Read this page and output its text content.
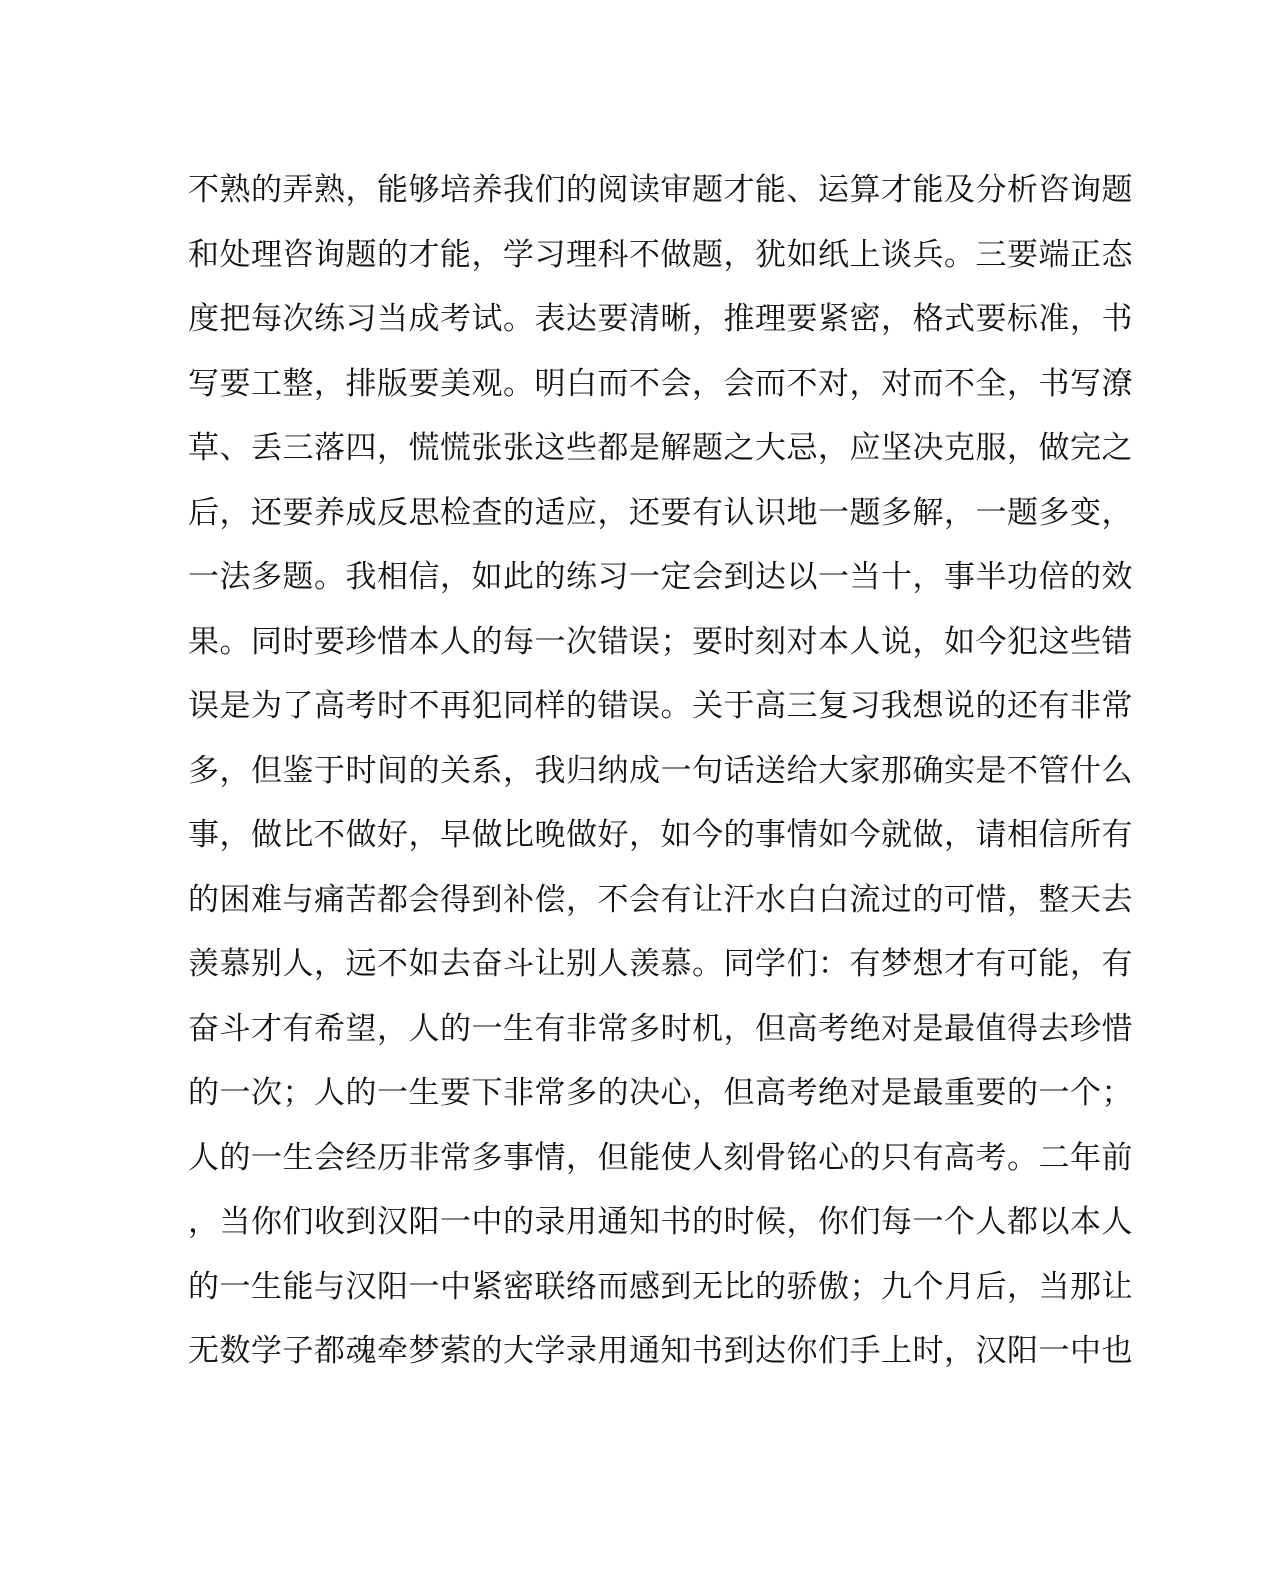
不熟的弄熟，能够培养我们的阅读审题才能、运算才能及分析咨询题
和处理咨询题的才能，学习理科不做题，犹如纸上谈兵。三要端正态
度把每次练习当成考试。表达要清晰，推理要紧密，格式要标准，书
写要工整，排版要美观。明白而不会，会而不对，对而不全，书写潦
草、丢三落四，慌慌张张这些都是解题之大忌，应坚决克服，做完之
后，还要养成反思检查的适应，还要有认识地一题多解，一题多变，
一法多题。我相信，如此的练习一定会到达以一当十，事半功倍的效
果。同时要珍惜本人的每一次错误；要时刻对本人说，如今犯这些错
误是为了高考时不再犯同样的错误。关于高三复习我想说的还有非常
多，但鉴于时间的关系，我归纳成一句话送给大家那确实是不管什么
事，做比不做好，早做比晚做好，如今的事情如今就做，请相信所有
的困难与痛苦都会得到补偿，不会有让汗水白白流过的可惜，整天去
羡慕别人，远不如去奋斗让别人羡慕。同学们：有梦想才有可能，有
奋斗才有希望，人的一生有非常多时机，但高考绝对是最值得去珍惜
的一次；人的一生要下非常多的决心，但高考绝对是最重要的一个；
人的一生会经历非常多事情，但能使人刻骨铭心的只有高考。二年前
，当你们收到汉阳一中的录用通知书的时候，你们每一个人都以本人
的一生能与汉阳一中紧密联络而感到无比的骄傲；九个月后，当那让
无数学子都魂牵梦萦的大学录用通知书到达你们手上时，汉阳一中也
